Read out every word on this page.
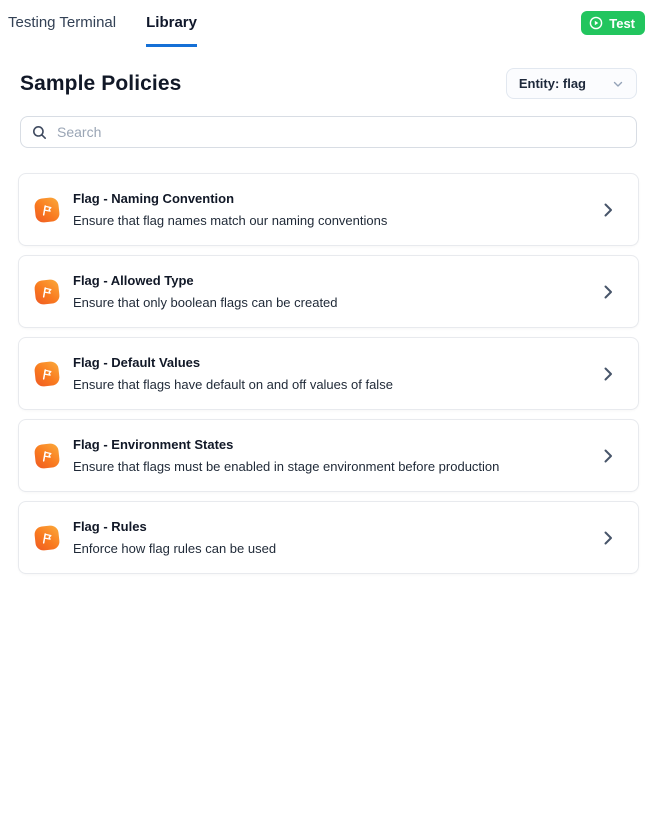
Testing Terminal Library	Test
Sample Policies	Entity: flag
Search
Flag - Naming Convention
Ensure that flag names match our naming conventions
Flag - Allowed Type
Ensure that only boolean flags can be created
Flag - Default Values
Ensure that flags have default on and off values of false
Flag - Environment States
Ensure that flags must be enabled in stage environment before production
Flag - Rules
Enforce how flag rules can be used
